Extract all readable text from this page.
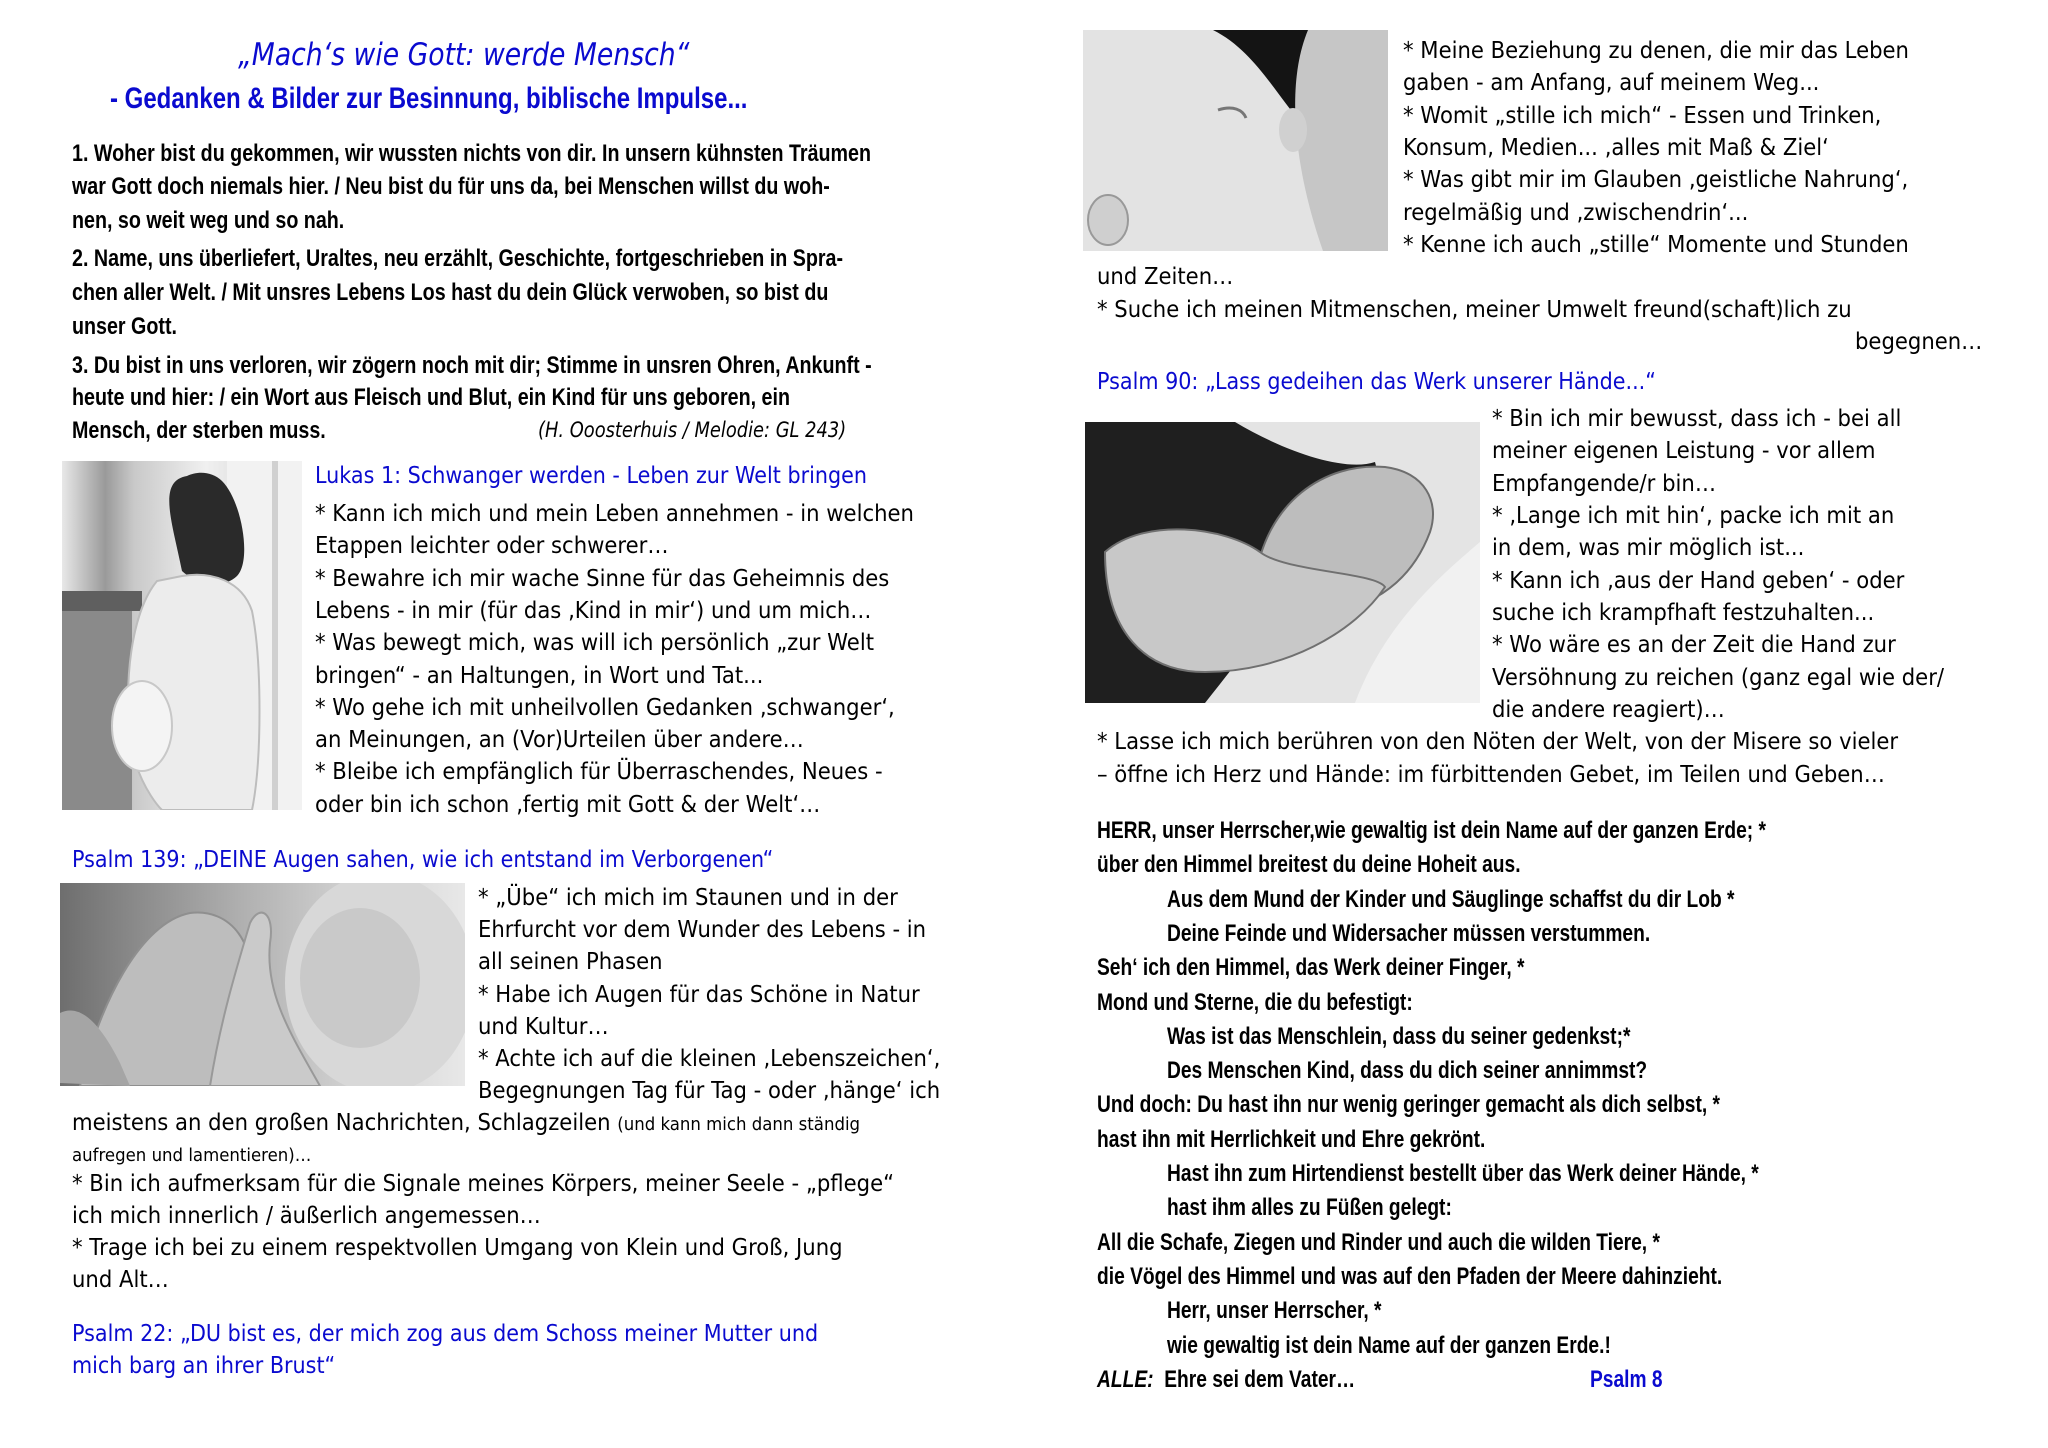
„Mach‘s wie Gott: werde Mensch“
- Gedanken & Bilder zur Besinnung, biblische Impulse...
1. Woher bist du gekommen, wir wussten nichts von dir. In unsern kühnsten Träumen
war Gott doch niemals hier. / Neu bist du für uns da, bei Menschen willst du woh-
nen, so weit weg und so nah.
2. Name, uns überliefert, Uraltes, neu erzählt, Geschichte, fortgeschrieben in Spra-
chen aller Welt. / Mit unsres Lebens Los hast du dein Glück verwoben, so bist du
unser Gott.
3. Du bist in uns verloren, wir zögern noch mit dir; Stimme in unsren Ohren, Ankunft -
heute und hier: / ein Wort aus Fleisch und Blut, ein Kind für uns geboren, ein
Mensch, der sterben muss.	(H. Ooosterhuis / Melodie: GL 243)
Lukas 1: Schwanger werden - Leben zur Welt bringen
* Kann ich mich und mein Leben annehmen - in welchen
Etappen leichter oder schwerer…
* Bewahre ich mir wache Sinne für das Geheimnis des
Lebens - in mir (für das ‚Kind in mir‘) und um mich…
* Was bewegt mich, was will ich persönlich „zur Welt
bringen“ - an Haltungen, in Wort und Tat...
* Wo gehe ich mit unheilvollen Gedanken ‚schwanger‘,
an Meinungen, an (Vor)Urteilen über andere…
* Bleibe ich empfänglich für Überraschendes, Neues -
oder bin ich schon ‚fertig mit Gott & der Welt‘…
Psalm 139: „DEINE Augen sahen, wie ich entstand im Verborgenen“
* „Übe“ ich mich im Staunen und in der
Ehrfurcht vor dem Wunder des Lebens - in
all seinen Phasen
* Habe ich Augen für das Schöne in Natur
und Kultur…
* Achte ich auf die kleinen ‚Lebenszeichen‘,
Begegnungen Tag für Tag - oder ‚hänge‘ ich
meistens an den großen Nachrichten, Schlagzeilen (und kann mich dann ständig
aufregen und lamentieren)…
* Bin ich aufmerksam für die Signale meines Körpers, meiner Seele - „pflege“
ich mich innerlich / äußerlich angemessen…
* Trage ich bei zu einem respektvollen Umgang von Klein und Groß, Jung
und Alt…
Psalm 22: „DU bist es, der mich zog aus dem Schoss meiner Mutter und
mich barg an ihrer Brust“
* Meine Beziehung zu denen, die mir das Leben
gaben - am Anfang, auf meinem Weg...
* Womit „stille ich mich“ - Essen und Trinken,
Konsum, Medien... ‚alles mit Maß & Ziel‘
* Was gibt mir im Glauben ‚geistliche Nahrung‘,
regelmäßig und ‚zwischendrin‘...
* Kenne ich auch „stille“ Momente und Stunden
und Zeiten…
* Suche ich meinen Mitmenschen, meiner Umwelt freund(schaft)lich zu
begegnen…
Psalm 90: „Lass gedeihen das Werk unserer Hände...“
* Bin ich mir bewusst, dass ich - bei all
meiner eigenen Leistung - vor allem
Empfangende/r bin…
* ‚Lange ich mit hin‘, packe ich mit an
in dem, was mir möglich ist...
* Kann ich ‚aus der Hand geben‘ - oder
suche ich krampfhaft festzuhalten...
* Wo wäre es an der Zeit die Hand zur
Versöhnung zu reichen (ganz egal wie der/
die andere reagiert)…
* Lasse ich mich berühren von den Nöten der Welt, von der Misere so vieler
– öffne ich Herz und Hände: im fürbittenden Gebet, im Teilen und Geben…
HERR, unser Herrscher,wie gewaltig ist dein Name auf der ganzen Erde; *
über den Himmel breitest du deine Hoheit aus.
Aus dem Mund der Kinder und Säuglinge schaffst du dir Lob *
Deine Feinde und Widersacher müssen verstummen.
Seh‘ ich den Himmel, das Werk deiner Finger, *
Mond und Sterne, die du befestigt:
Was ist das Menschlein, dass du seiner gedenkst;*
Des Menschen Kind, dass du dich seiner annimmst?
Und doch: Du hast ihn nur wenig geringer gemacht als dich selbst, *
hast ihn mit Herrlichkeit und Ehre gekrönt.
Hast ihn zum Hirtendienst bestellt über das Werk deiner Hände, *
hast ihm alles zu Füßen gelegt:
All die Schafe, Ziegen und Rinder und auch die wilden Tiere, *
die Vögel des Himmel und was auf den Pfaden der Meere dahinzieht.
Herr, unser Herrscher, *
wie gewaltig ist dein Name auf der ganzen Erde.!
ALLE: Ehre sei dem Vater…	Psalm 8
